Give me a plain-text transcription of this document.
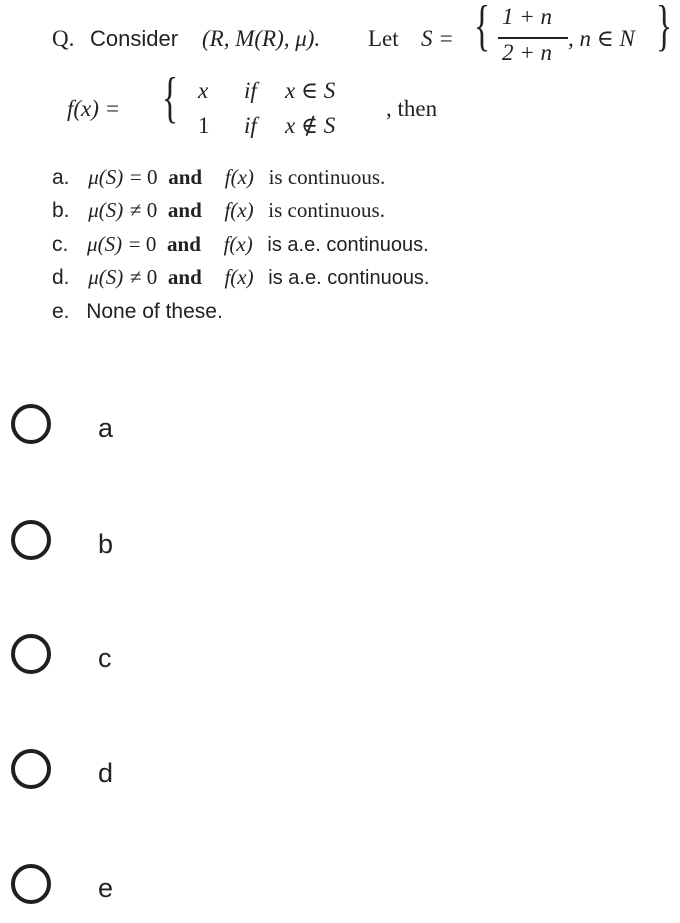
Q. Consider (R, M(R), μ). Let S = { 1 + n
2 + n
, n ∈ N }
f(x) = { x if x ∈ S
1 if x ∉ S
, then
a. μ(S) = 0 and f(x) is continuous.
b. μ(S) ≠ 0 and f(x) is continuous.
c. μ(S) = 0 and f(x) is a.e. continuous.
d. μ(S) ≠ 0 and f(x) is a.e. continuous.
e. None of these.
a
b
c
d
e
